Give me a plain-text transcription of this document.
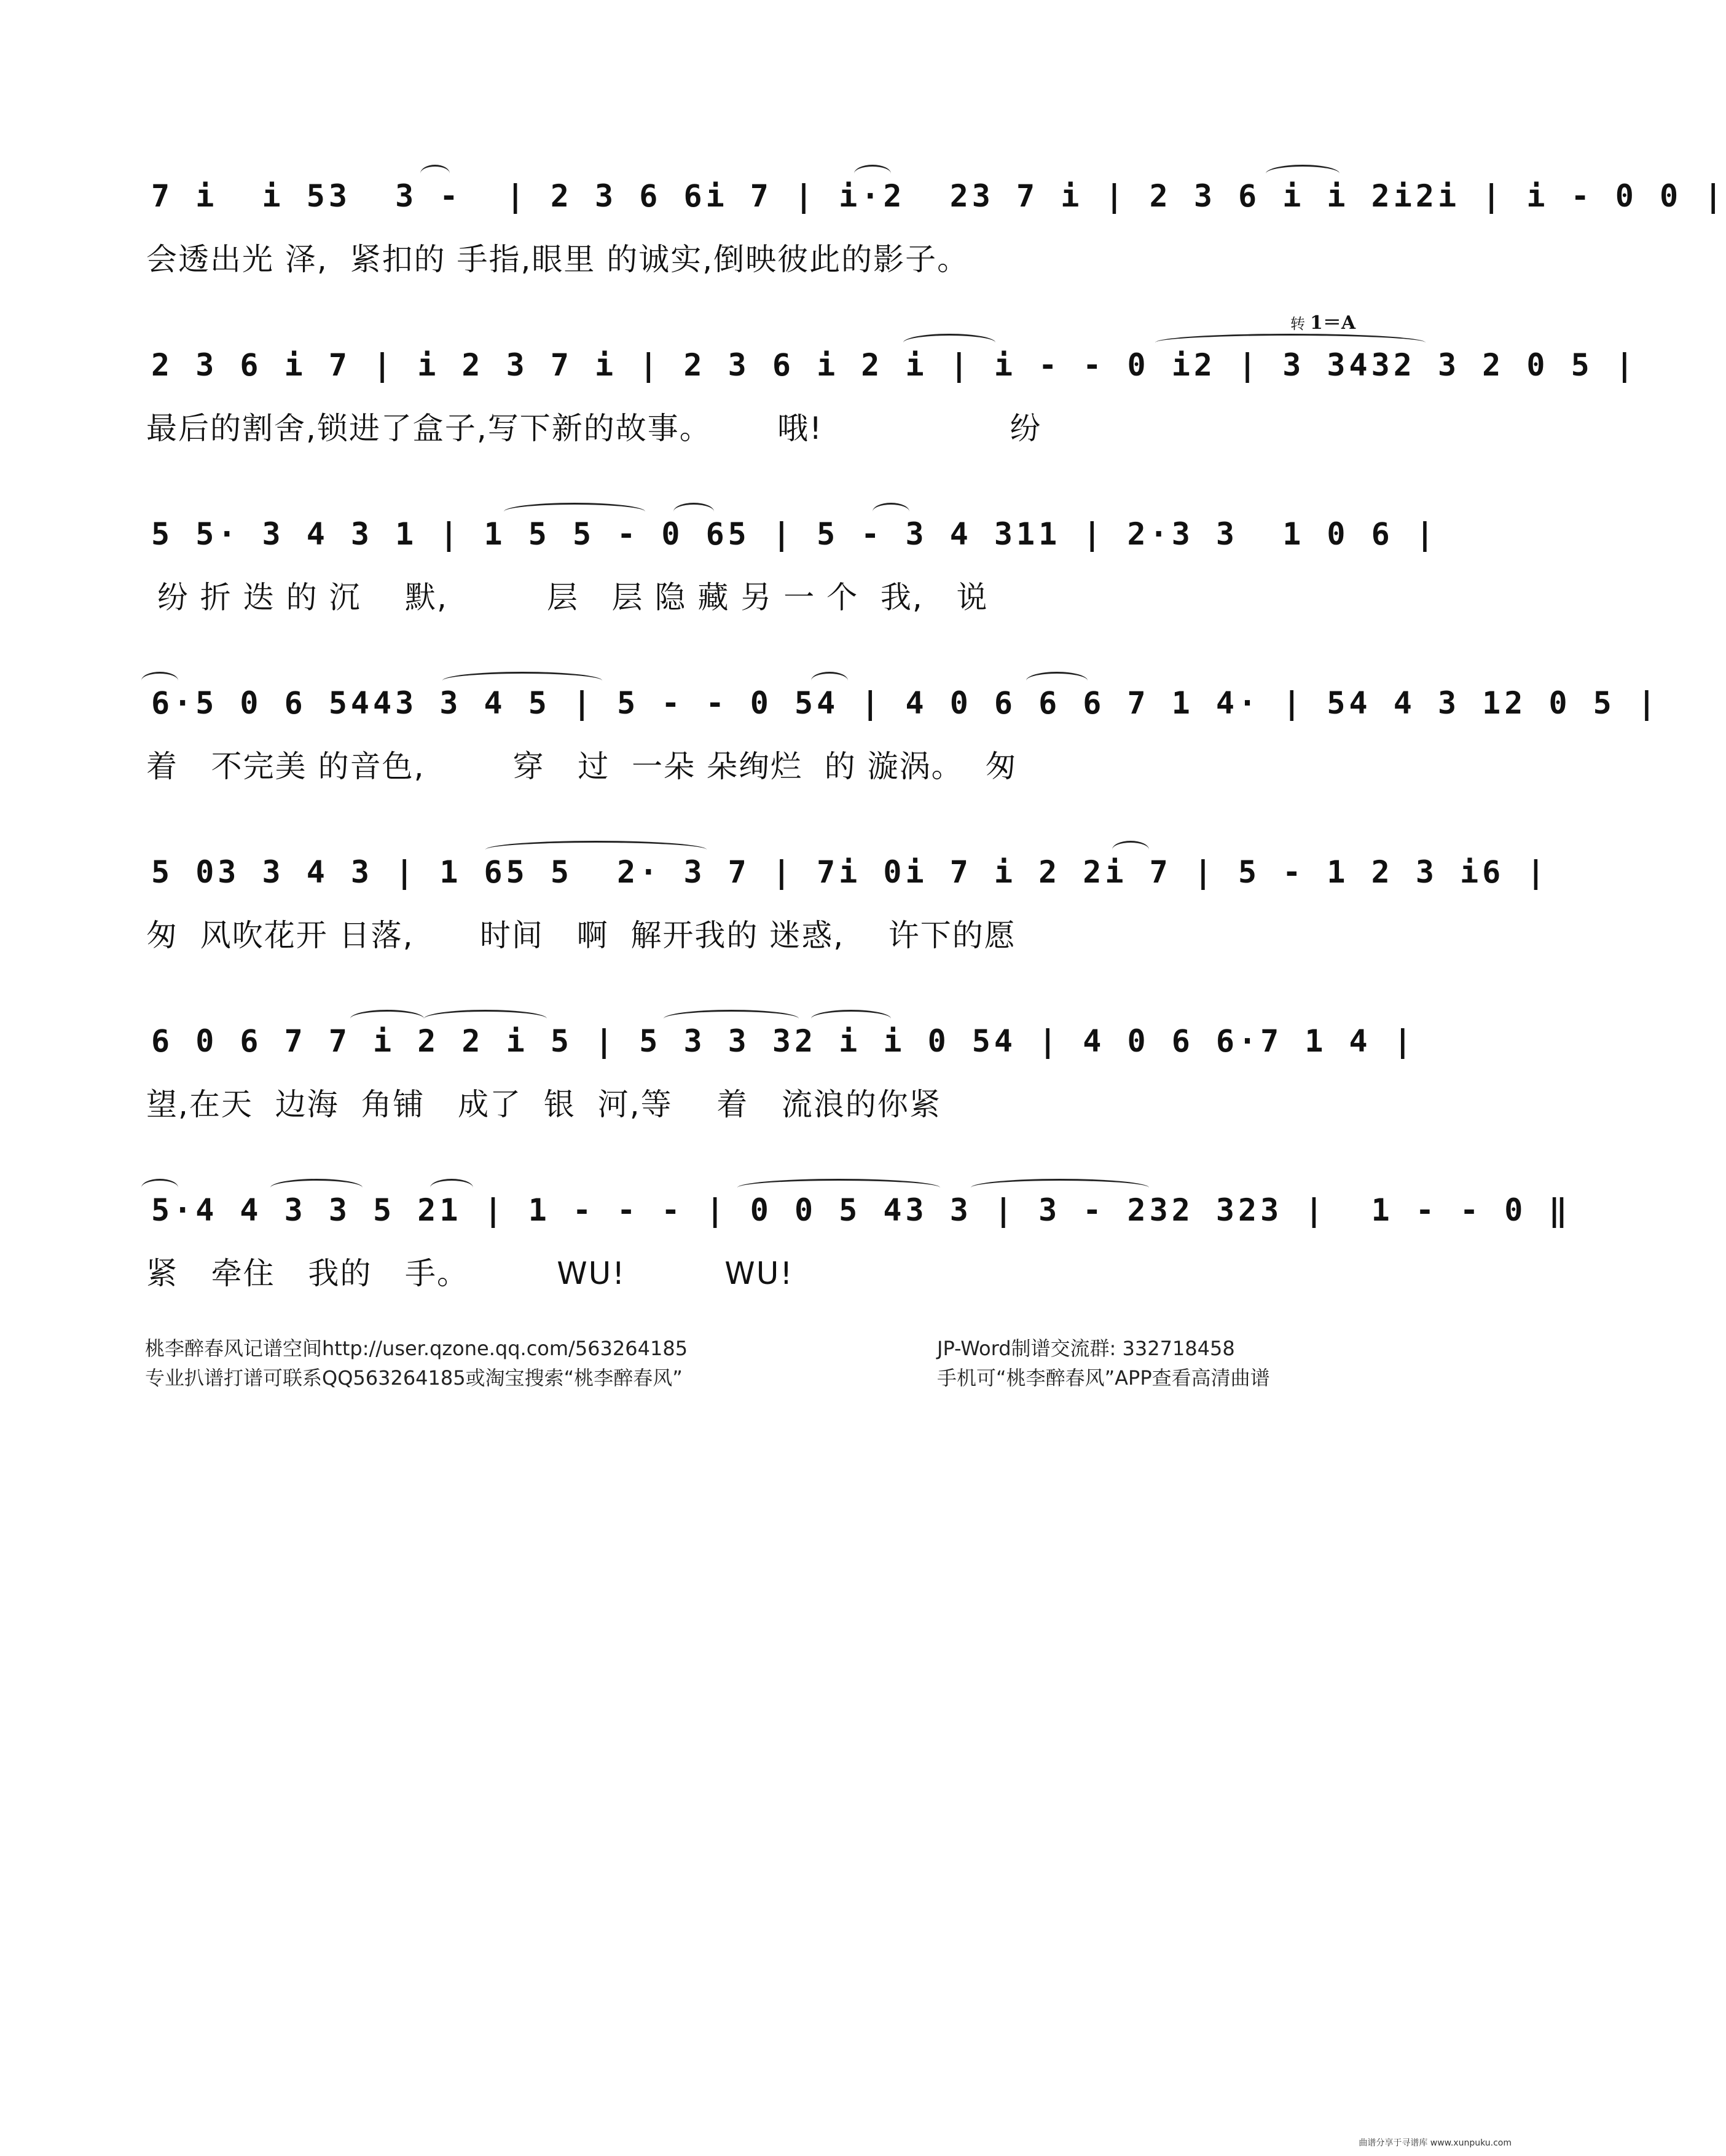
转 1＝A
7 i  i 53  3 -  | 2 3 6 6i 7 | i·2  23 7 i | 2 3 6 i i 2i2i | i - 0 0 |
会透出光 泽,  紧扣的 手指,眼里 的诚实,倒映彼此的影子。
2 3 6 i 7 | i 2 3 7 i | 2 3 6 i 2 i | i - - 0 i2 | 3 3432 3 2 0 5 |
最后的割舍,锁进了盒子,写下新的故事。      哦!                 纷
5 5· 3 4 3 1 | 1 5 5 - 0 65 | 5 - 3 4 311 | 2·3 3  1 0 6 |
纷 折 迭 的 沉    默,         层   层 隐 藏 另 一 个  我,   说
6·5 0 6 5443 3 4 5 | 5 - - 0 54 | 4 0 6 6 6 7 1 4· | 54 4 3 12 0 5 |
着   不完美 的音色,        穿   过  一朵 朵绚烂  的 漩涡。  匆
5 03 3 4 3 | 1 65 5  2· 3 7 | 7i 0i 7 i 2 2i 7 | 5 - 1 2 3 i6 |
匆  风吹花开 日落,      时间   啊  解开我的 迷惑,    许下的愿
6 0 6 7 7 i 2 2 i 5 | 5 3 3 32 i i 0 54 | 4 0 6 6·7 1 4 |
望,在天  边海  角铺   成了  银  河,等    着   流浪的你紧
5·4 4 3 3 5 21 | 1 - - - | 0 0 5 43 3 | 3 - 232 323 |  1 - - 0 ‖
紧   牵住   我的   手。        WU!         WU!
桃李醉春风记谱空间http://user.qzone.qq.com/563264185
专业扒谱打谱可联系QQ563264185或淘宝搜索“桃李醉春风”
JP-Word制谱交流群: 332718458
手机可“桃李醉春风”APP查看高清曲谱
曲谱分享于寻谱库 www.xunpuku.com
